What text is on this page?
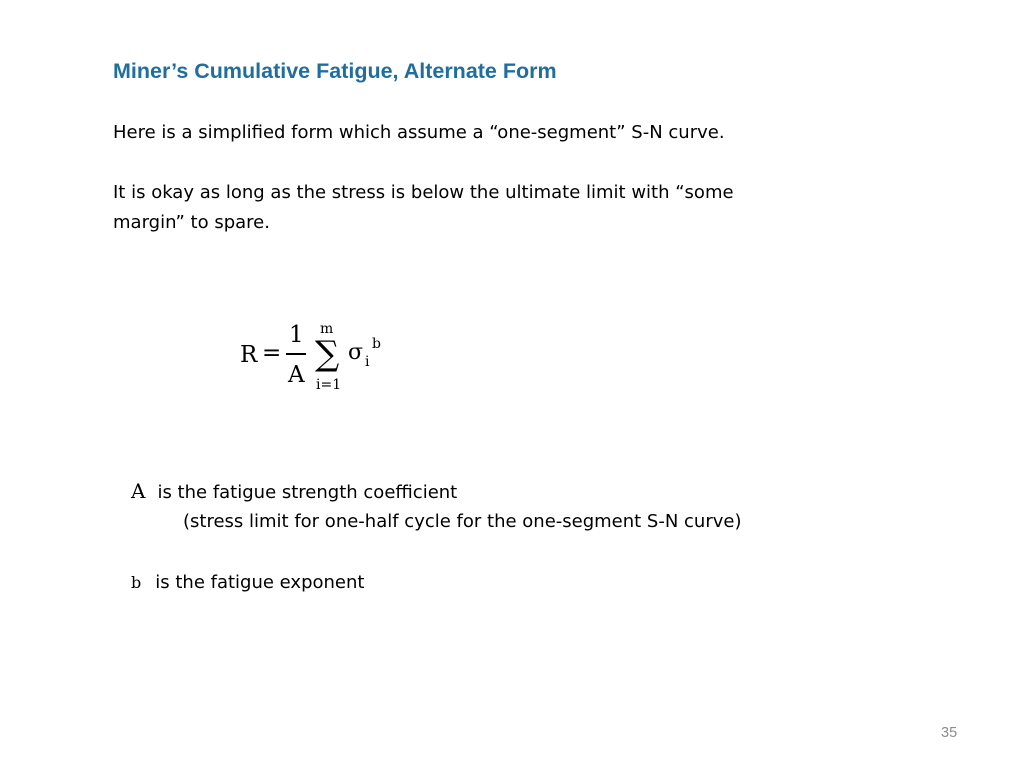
Miner’s Cumulative Fatigue, Alternate Form
Here is a simplified form which assume a “one-segment” S-N curve.
It is okay as long as the stress is below the ultimate limit with “some
margin” to spare.
R =
1
A
m
∑
i=1
σ i
b
A is the fatigue strength coefficient
(stress limit for one-half cycle for the one-segment S-N curve)
b is the fatigue exponent
35
